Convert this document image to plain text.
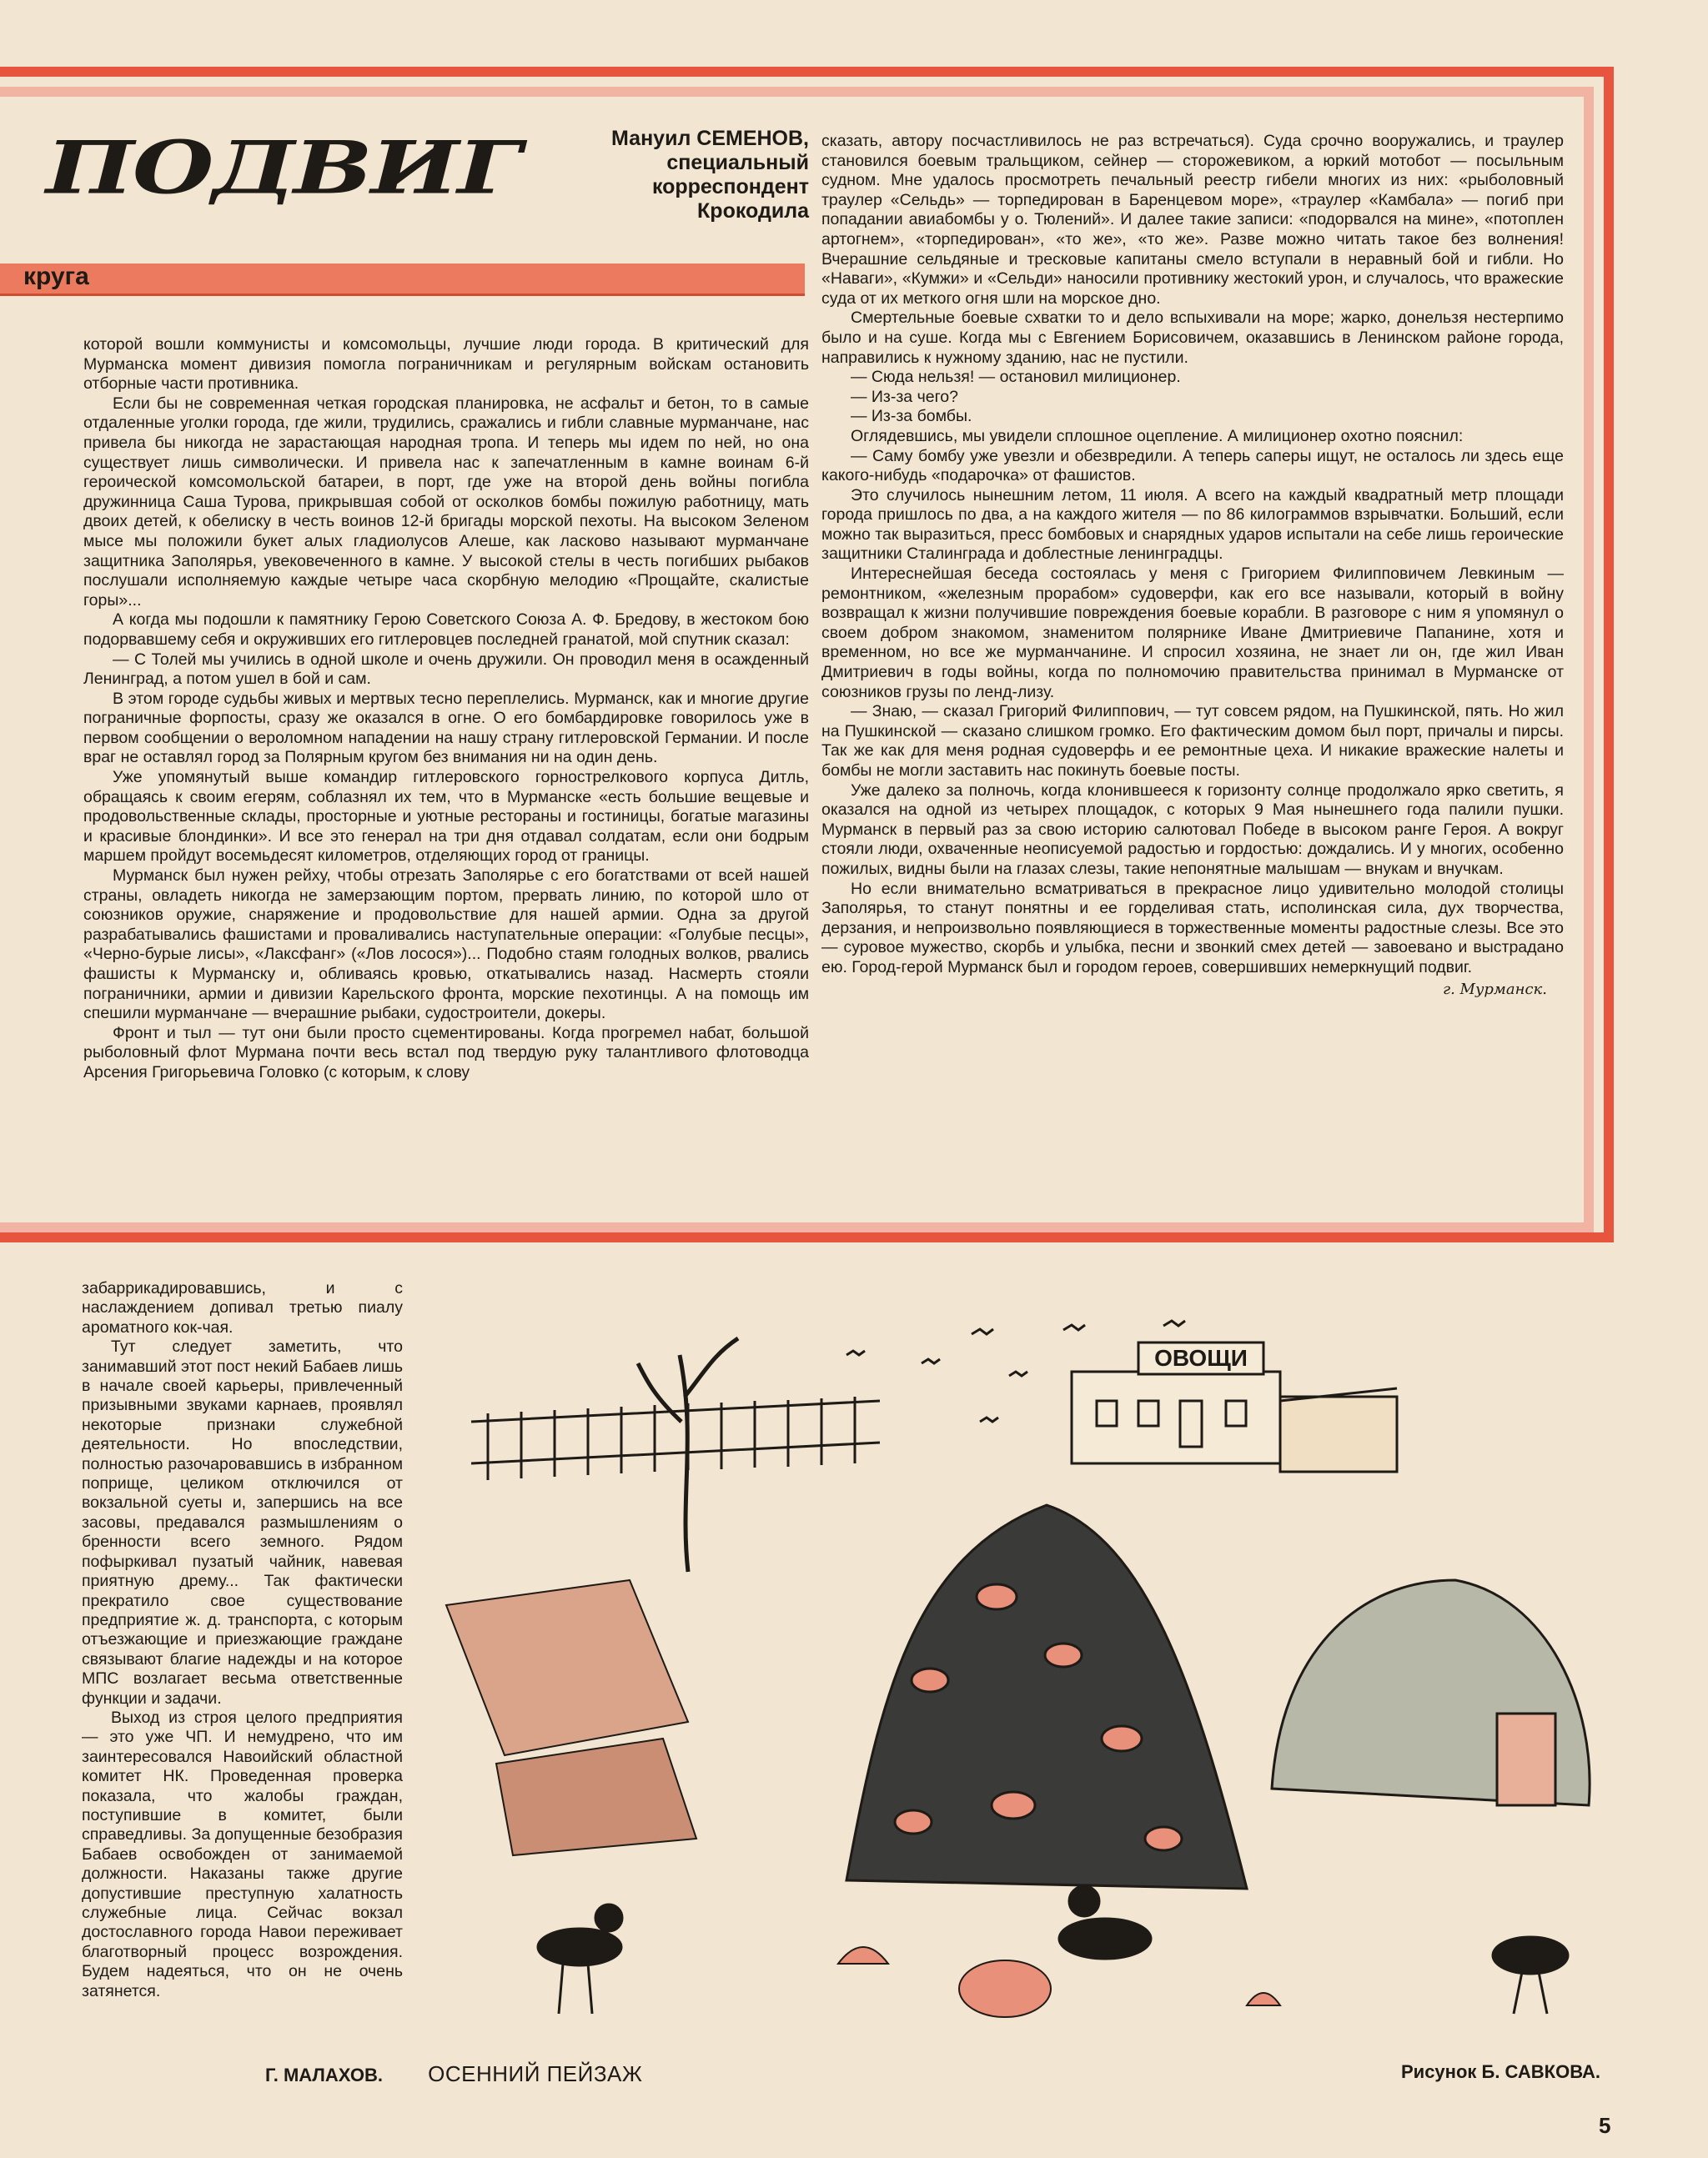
ПОДВИГ	Мануил СЕМЕНОВ,
специальный
корреспондент
Крокодила
круга

которой вошли коммунисты и комсомольцы, лучшие люди города. В критический для Мурманска момент дивизия помогла пограничникам и регулярным войскам остановить отборные части противника.

Если бы не современная четкая городская планировка, не асфальт и бетон, то в самые отдаленные уголки города, где жили, трудились, сражались и гибли славные мурманчане, нас привела бы никогда не зарастающая народная тропа. И теперь мы идем по ней, но она существует лишь символически. И привела нас к запечатленным в камне воинам 6-й героической комсомольской батареи, в порт, где уже на второй день войны погибла дружинница Саша Турова, прикрывшая собой от осколков бомбы пожилую работницу, мать двоих детей, к обелиску в честь воинов 12-й бригады морской пехоты. На высоком Зеленом мысе мы положили букет алых гладиолусов Алеше, как ласково называют мурманчане защитника Заполярья, увековеченного в камне. У высокой стелы в честь погибших рыбаков послушали исполняемую каждые четыре часа скорбную мелодию «Прощайте, скалистые горы»...

А когда мы подошли к памятнику Герою Советского Союза А. Ф. Бредову, в жестоком бою подорвавшему себя и окруживших его гитлеровцев последней гранатой, мой спутник сказал:

— С Толей мы учились в одной школе и очень дружили. Он проводил меня в осажденный Ленинград, а потом ушел в бой и сам.

В этом городе судьбы живых и мертвых тесно переплелись. Мурманск, как и многие другие пограничные форпосты, сразу же оказался в огне. О его бомбардировке говорилось уже в первом сообщении о вероломном нападении на нашу страну гитлеровской Германии. И после враг не оставлял город за Полярным кругом без внимания ни на один день.

Уже упомянутый выше командир гитлеровского горнострелкового корпуса Дитль, обращаясь к своим егерям, соблазнял их тем, что в Мурманске «есть большие вещевые и продовольственные склады, просторные и уютные рестораны и гостиницы, богатые магазины и красивые блондинки». И все это генерал на три дня отдавал солдатам, если они бодрым маршем пройдут восемьдесят километров, отделяющих город от границы.

Мурманск был нужен рейху, чтобы отрезать Заполярье с его богатствами от всей нашей страны, овладеть никогда не замерзающим портом, прервать линию, по которой шло от союзников оружие, снаряжение и продовольствие для нашей армии. Одна за другой разрабатывались фашистами и проваливались наступательные операции: «Голубые песцы», «Черно-бурые лисы», «Лаксфанг» («Лов лосося»)... Подобно стаям голодных волков, рвались фашисты к Мурманску и, обливаясь кровью, откатывались назад. Насмерть стояли пограничники, армии и дивизии Карельского фронта, морские пехотинцы. А на помощь им спешили мурманчане — вчерашние рыбаки, судостроители, докеры.

Фронт и тыл — тут они были просто сцементированы. Когда прогремел набат, большой рыболовный флот Мурмана почти весь встал под твердую руку талантливого флотоводца Арсения Григорьевича Головко (с которым, к слову

сказать, автору посчастливилось не раз встречаться). Суда срочно вооружались, и траулер становился боевым тральщиком, сейнер — сторожевиком, а юркий мотобот — посыльным судном. Мне удалось просмотреть печальный реестр гибели многих из них: «рыболовный траулер «Сельдь» — торпедирован в Баренцевом море», «траулер «Камбала» — погиб при попадании авиабомбы у о. Тюлений». И далее такие записи: «подорвался на мине», «потоплен артогнем», «торпедирован», «то же», «то же». Разве можно читать такое без волнения! Вчерашние сельдяные и тресковые капитаны смело вступали в неравный бой и гибли. Но «Наваги», «Кумжи» и «Сельди» наносили противнику жестокий урон, и случалось, что вражеские суда от их меткого огня шли на морское дно.

Смертельные боевые схватки то и дело вспыхивали на море; жарко, донельзя нестерпимо было и на суше. Когда мы с Евгением Борисовичем, оказавшись в Ленинском районе города, направились к нужному зданию, нас не пустили.

— Сюда нельзя! — остановил милиционер.

— Из-за чего?

— Из-за бомбы.

Оглядевшись, мы увидели сплошное оцепление. А милиционер охотно пояснил:

— Саму бомбу уже увезли и обезвредили. А теперь саперы ищут, не осталось ли здесь еще какого-нибудь «подарочка» от фашистов.

Это случилось нынешним летом, 11 июля. А всего на каждый квадратный метр площади города пришлось по два, а на каждого жителя — по 86 килограммов взрывчатки. Больший, если можно так выразиться, пресс бомбовых и снарядных ударов испытали на себе лишь героические защитники Сталинграда и доблестные ленинградцы.

Интереснейшая беседа состоялась у меня с Григорием Филипповичем Левкиным — ремонтником, «железным прорабом» судоверфи, как его все называли, который в войну возвращал к жизни получившие повреждения боевые корабли. В разговоре с ним я упомянул о своем добром знакомом, знаменитом полярнике Иване Дмитриевиче Папанине, хотя и временном, но все же мурманчанине. И спросил хозяина, не знает ли он, где жил Иван Дмитриевич в годы войны, когда по полномочию правительства принимал в Мурманске от союзников грузы по ленд-лизу.

— Знаю, — сказал Григорий Филиппович, — тут совсем рядом, на Пушкинской, пять. Но жил на Пушкинской — сказано слишком громко. Его фактическим домом был порт, причалы и пирсы. Так же как для меня родная судоверфь и ее ремонтные цеха. И никакие вражеские налеты и бомбы не могли заставить нас покинуть боевые посты.

Уже далеко за полночь, когда клонившееся к горизонту солнце продолжало ярко светить, я оказался на одной из четырех площадок, с которых 9 Мая нынешнего года палили пушки. Мурманск в первый раз за свою историю салютовал Победе в высоком ранге Героя. А вокруг стояли люди, охваченные неописуемой радостью и гордостью: дождались. И у многих, особенно пожилых, видны были на глазах слезы, такие непонятные малышам — внукам и внучкам.

Но если внимательно всматриваться в прекрасное лицо удивительно молодой столицы Заполярья, то станут понятны и ее горделивая стать, исполинская сила, дух творчества, дерзания, и непроизвольно появляющиеся в торжественные моменты радостные слезы. Все это — суровое мужество, скорбь и улыбка, песни и звонкий смех детей — завоевано и выстрадано ею. Город-герой Мурманск был и городом героев, совершивших немеркнущий подвиг.

г. Мурманск.

забаррикадировавшись, и с наслаждением допивал третью пиалу ароматного кок-чая.

Тут следует заметить, что занимавший этот пост некий Бабаев лишь в начале своей карьеры, привлеченный призывными звуками карнаев, проявлял некоторые признаки служебной деятельности. Но впоследствии, полностью разочаровавшись в избранном поприще, целиком отключился от вокзальной суеты и, запершись на все засовы, предавался размышлениям о бренности всего земного. Рядом пофыркивал пузатый чайник, навевая приятную дрему... Так фактически прекратило свое существование предприятие ж. д. транспорта, с которым отъезжающие и приезжающие граждане связывают благие надежды и на которое МПС возлагает весьма ответственные функции и задачи.

Выход из строя целого предприятия — это уже ЧП. И немудрено, что им заинтересовался Навоийский областной комитет НК. Проведенная проверка показала, что жалобы граждан, поступившие в комитет, были справедливы. За допущенные безобразия Бабаев освобожден от занимаемой должности. Наказаны также другие допустившие преступную халатность служебные лица. Сейчас вокзал достославного города Навои переживает благотворный процесс возрождения. Будем надеяться, что он не очень затянется.

ОВОЩИ
Г. МАЛАХОВ. ОСЕННИЙ ПЕЙЗАЖ	Рисунок Б. САВКОВА.
5
